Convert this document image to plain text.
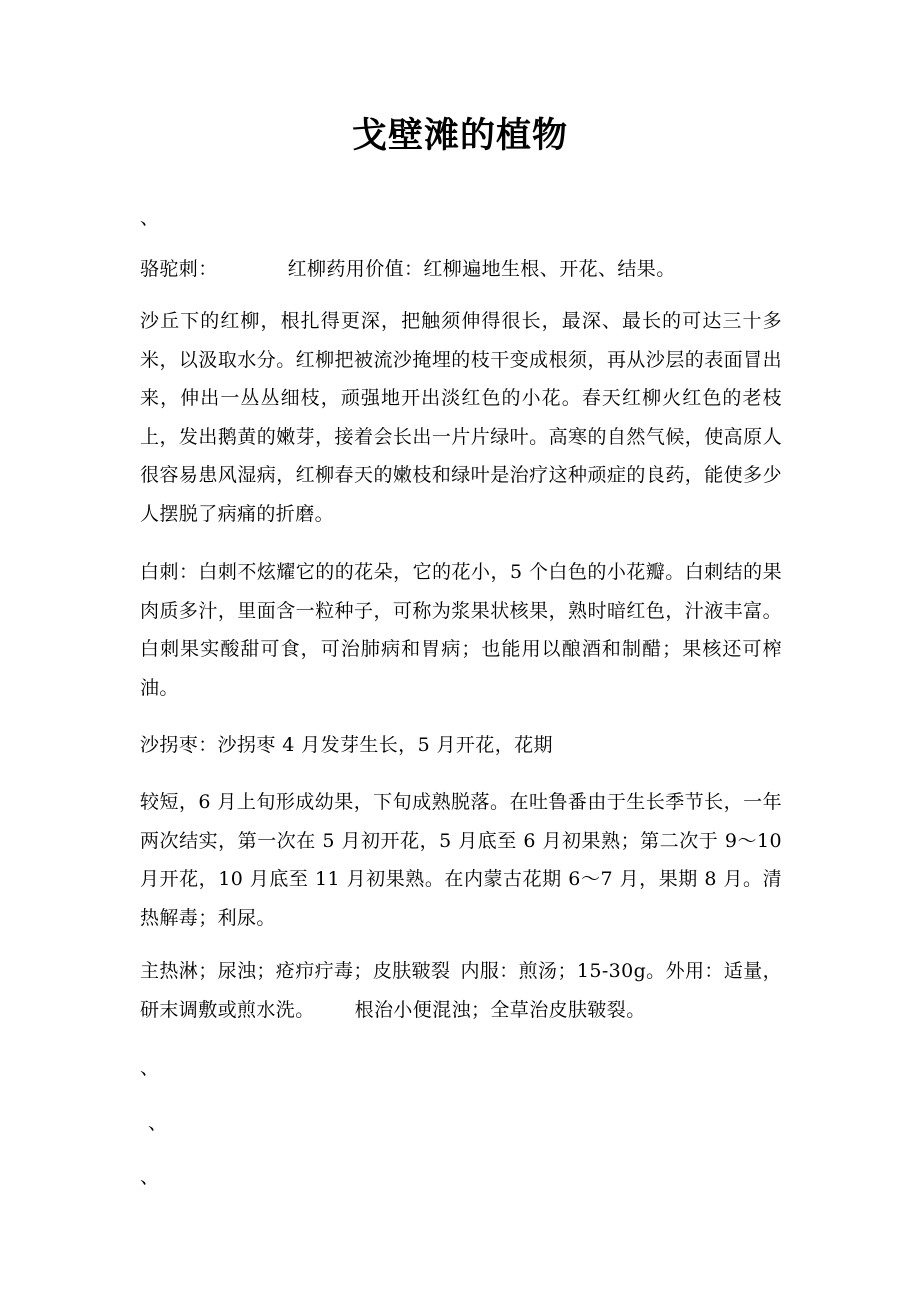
戈壁滩的植物
、
骆驼刺：	红柳药用价值：红柳遍地生根、开花、结果。
沙丘下的红柳，根扎得更深，把触须伸得很长，最深、最长的可达三十多米，以汲取水分。红柳把被流沙掩埋的枝干变成根须，再从沙层的表面冒出来，伸出一丛丛细枝，顽强地开出淡红色的小花。春天红柳火红色的老枝上，发出鹅黄的嫩芽，接着会长出一片片绿叶。高寒的自然气候，使高原人很容易患风湿病，红柳春天的嫩枝和绿叶是治疗这种顽症的良药，能使多少人摆脱了病痛的折磨。
白刺：白刺不炫耀它的的花朵，它的花小，5 个白色的小花瓣。白刺结的果肉质多汁，里面含一粒种子，可称为浆果状核果，熟时暗红色，汁液丰富。白刺果实酸甜可食，可治肺病和胃病；也能用以酿酒和制醋；果核还可榨油。
沙拐枣：沙拐枣 4 月发芽生长，5 月开花，花期
较短，6 月上旬形成幼果，下旬成熟脱落。在吐鲁番由于生长季节长，一年两次结实，第一次在 5 月初开花，5 月底至 6 月初果熟；第二次于 9～10 月开花，10 月底至 11 月初果熟。在内蒙古花期 6～7 月，果期 8 月。清热解毒；利尿。
主热淋；尿浊；疮疖疔毒；皮肤皲裂 内服：煎汤；15-30g。外用：适量，研末调敷或煎水洗。 根治小便混浊；全草治皮肤皲裂。
、
、
、
